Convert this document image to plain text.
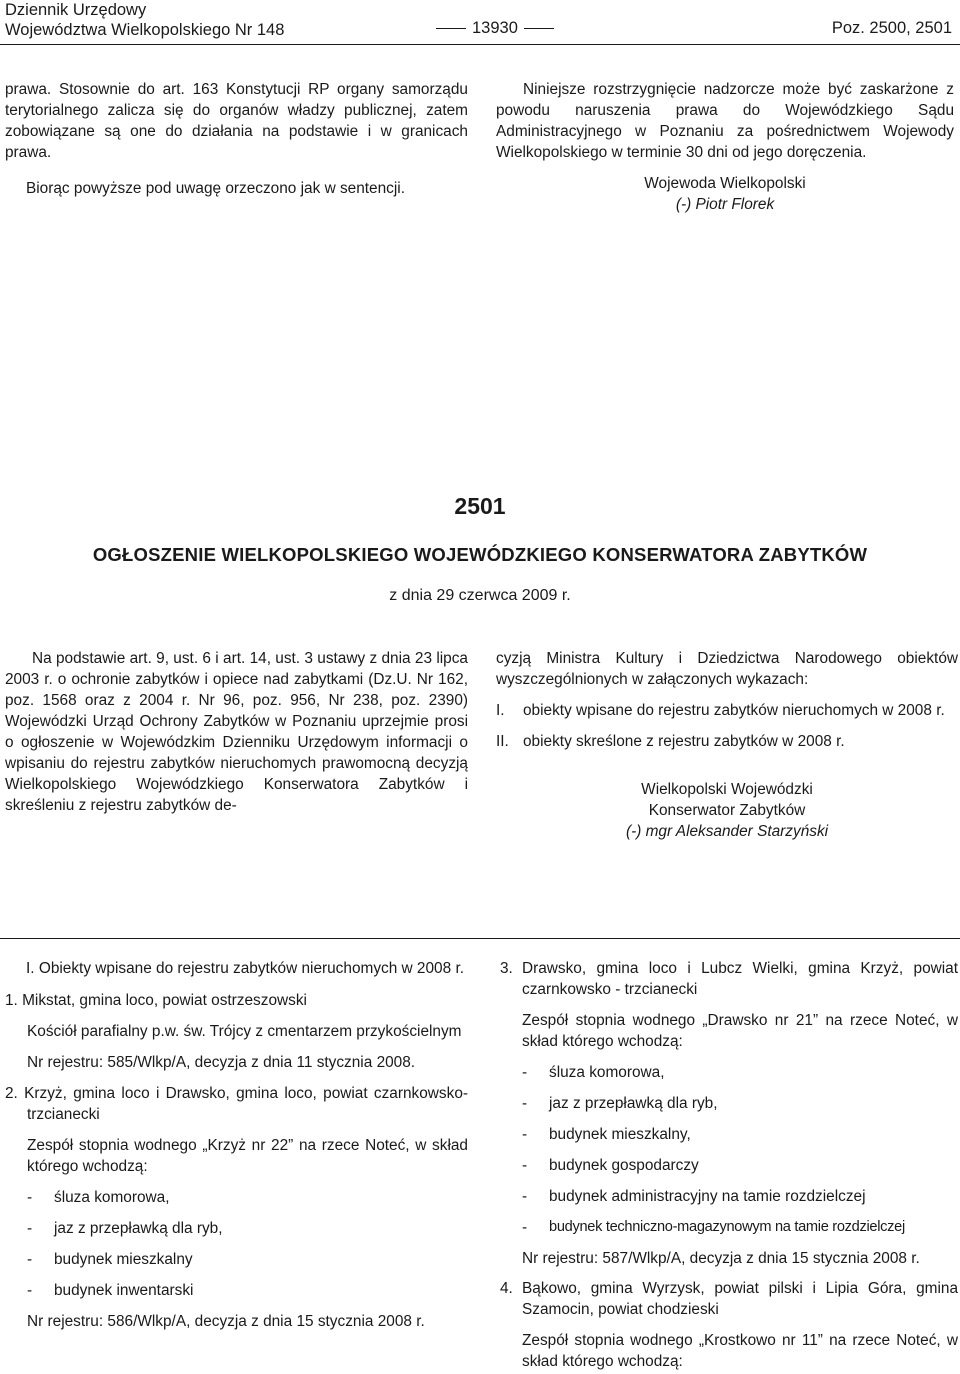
Dziennik Urzędowy
Województwa Wielkopolskiego Nr 148	13930	Poz. 2500, 2501

prawa. Stosownie do art. 163 Konstytucji RP organy samorządu terytorialnego zalicza się do organów władzy publicznej, zatem zobowiązane są one do działania na podstawie i w granicach prawa.

Biorąc powyższe pod uwagę orzeczono jak w sentencji.

Niniejsze rozstrzygnięcie nadzorcze może być zaskarżone z powodu naruszenia prawa do Wojewódzkiego Sądu Administracyjnego w Poznaniu za pośrednictwem Wojewody Wielkopolskiego w terminie 30 dni od jego doręczenia.

Wojewoda Wielkopolski

(-) Piotr Florek

2501
OGŁOSZENIE WIELKOPOLSKIEGO WOJEWÓDZKIEGO KONSERWATORA ZABYTKÓW
z dnia 29 czerwca 2009 r.

Na podstawie art. 9, ust. 6 i art. 14, ust. 3 ustawy z dnia 23 lipca 2003 r. o ochronie zabytków i opiece nad zabytkami (Dz.U. Nr 162, poz. 1568 oraz z 2004 r. Nr 96, poz. 956, Nr 238, poz. 2390) Wojewódzki Urząd Ochrony Zabytków w Poznaniu uprzejmie prosi o ogłoszenie w Wojewódzkim Dzienniku Urzędowym informacji o wpisaniu do rejestru zabytków nieruchomych prawomocną decyzją Wielkopolskiego Wojewódzkiego Konserwatora Zabytków i skreśleniu z rejestru zabytków de-

cyzją Ministra Kultury i Dziedzictwa Narodowego obiektów wyszczególnionych w załączonych wykazach:

I.	obiekty wpisane do rejestru zabytków nieruchomych w 2008 r.
II. obiekty skreślone z rejestru zabytków w 2008 r.

Wielkopolski Wojewódzki

Konserwator Zabytków

(-) mgr Aleksander Starzyński

I. Obiekty wpisane do rejestru zabytków nieruchomych w 2008 r.

1. Mikstat, gmina loco, powiat ostrzeszowski

Kościół parafialny p.w. św. Trójcy z cmentarzem przykościelnym

Nr rejestru: 585/Wlkp/A, decyzja z dnia 11 stycznia 2008.

2. Krzyż, gmina loco i Drawsko, gmina loco, powiat czarnkowsko-trzcianecki

Zespół stopnia wodnego „Krzyż nr 22” na rzece Noteć, w skład którego wchodzą:

-	śluza komorowa,
-	jaz z przepławką dla ryb,
-	budynek mieszkalny
-	budynek inwentarski

Nr rejestru: 586/Wlkp/A, decyzja z dnia 15 stycznia 2008 r.

3. Drawsko, gmina loco i Lubcz Wielki, gmina Krzyż, powiat czarnkowsko - trzcianecki

Zespół stopnia wodnego „Drawsko nr 21” na rzece Noteć, w skład którego wchodzą:

-	śluza komorowa,
-	jaz z przepławką dla ryb,
-	budynek mieszkalny,
-	budynek gospodarczy
-	budynek administracyjny na tamie rozdzielczej
-	budynek techniczno-magazynowym na tamie rozdzielczej

Nr rejestru: 587/Wlkp/A, decyzja z dnia 15 stycznia 2008 r.

4. Bąkowo, gmina Wyrzysk, powiat pilski i Lipia Góra, gmina Szamocin, powiat chodzieski

Zespół stopnia wodnego „Krostkowo nr 11” na rzece Noteć, w skład którego wchodzą:
